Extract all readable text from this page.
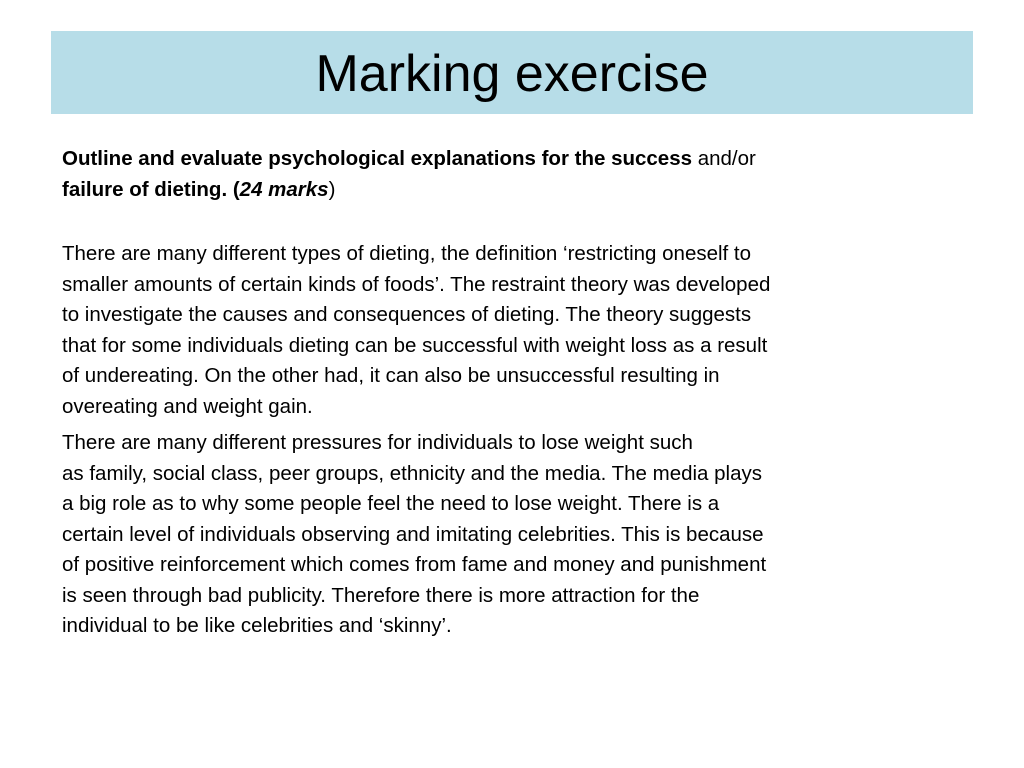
Marking exercise

Outline and evaluate psychological explanations for the success and/or
failure of dieting. (24 marks)

There are many different types of dieting, the definition ‘restricting oneself to
smaller amounts of certain kinds of foods’. The restraint theory was developed
to investigate the causes and consequences of dieting. The theory suggests
that for some individuals dieting can be successful with weight loss as a result
of undereating. On the other had, it can also be unsuccessful resulting in
overeating and weight gain.

There are many different pressures for individuals to lose weight such
as family, social class, peer groups, ethnicity and the media. The media plays
a big role as to why some people feel the need to lose weight. There is a
certain level of individuals observing and imitating celebrities. This is because
of positive reinforcement which comes from fame and money and punishment
is seen through bad publicity. Therefore there is more attraction for the
individual to be like celebrities and ‘skinny’.
